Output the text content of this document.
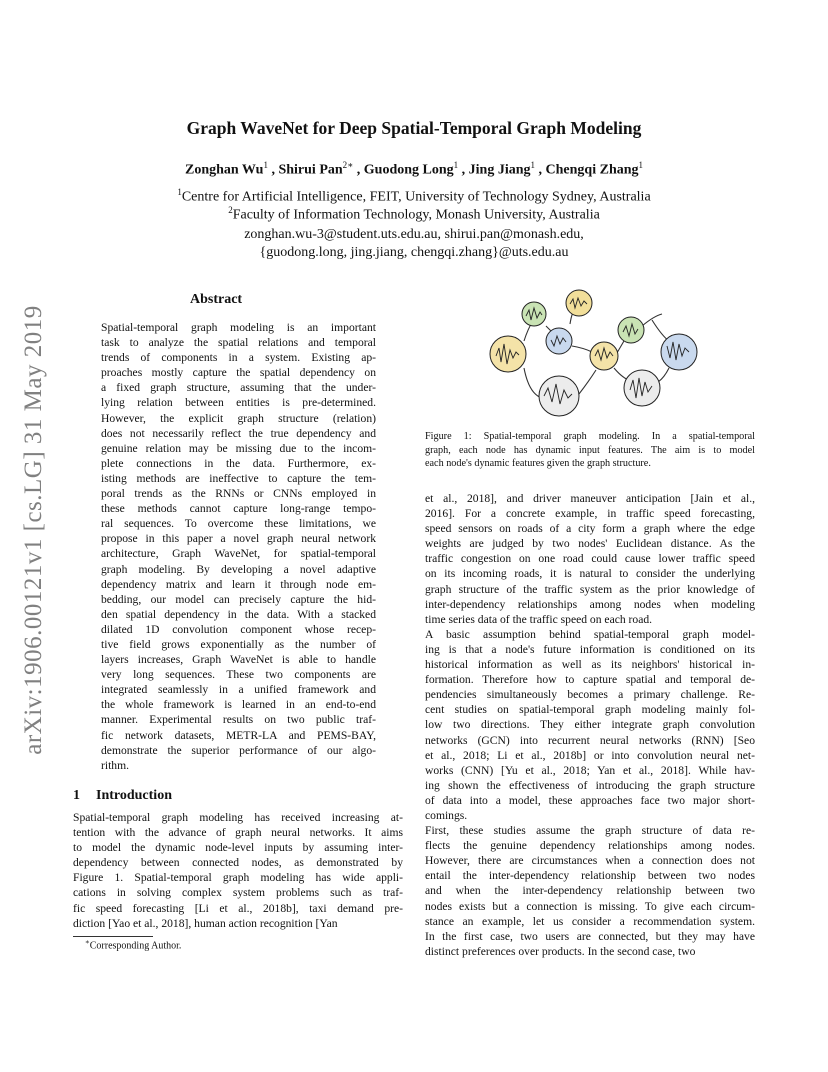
Graph WaveNet for Deep Spatial-Temporal Graph Modeling
Zonghan Wu$^1$ , Shirui Pan$^{2∗}$ , Guodong Long$^1$ , Jing Jiang$^1$ , Chengqi Zhang$^1$
$^1$Centre for Artificial Intelligence, FEIT, University of Technology Sydney, Australia
$^2$Faculty of Information Technology, Monash University, Australia
zonghan.wu-3@student.uts.edu.au, shirui.pan@monash.edu,
{guodong.long, jing.jiang, chengqi.zhang}@uts.edu.au
arXiv:1906.00121v1 [cs.LG] 31 May 2019
Abstract
Spatial-temporal graph modeling is an important
task to analyze the spatial relations and temporal
trends of components in a system. Existing ap-
proaches mostly capture the spatial dependency on
a fixed graph structure, assuming that the under-
lying relation between entities is pre-determined.
However, the explicit graph structure (relation)
does not necessarily reflect the true dependency and
genuine relation may be missing due to the incom-
plete connections in the data. Furthermore, ex-
isting methods are ineffective to capture the tem-
poral trends as the RNNs or CNNs employed in
these methods cannot capture long-range tempo-
ral sequences. To overcome these limitations, we
propose in this paper a novel graph neural network
architecture, Graph WaveNet, for spatial-temporal
graph modeling. By developing a novel adaptive
dependency matrix and learn it through node em-
bedding, our model can precisely capture the hid-
den spatial dependency in the data. With a stacked
dilated 1D convolution component whose recep-
tive field grows exponentially as the number of
layers increases, Graph WaveNet is able to handle
very long sequences. These two components are
integrated seamlessly in a unified framework and
the whole framework is learned in an end-to-end
manner. Experimental results on two public traf-
fic network datasets, METR-LA and PEMS-BAY,
demonstrate the superior performance of our algo-
rithm.
1 Introduction
Spatial-temporal graph modeling has received increasing at-
tention with the advance of graph neural networks. It aims
to model the dynamic node-level inputs by assuming inter-
dependency between connected nodes, as demonstrated by
Figure 1. Spatial-temporal graph modeling has wide appli-
cations in solving complex system problems such as traf-
fic speed forecasting [Li et al., 2018b], taxi demand pre-
diction [Yao et al., 2018], human action recognition [Yan
∗Corresponding Author.
Figure 1: Spatial-temporal graph modeling. In a spatial-temporal
graph, each node has dynamic input features. The aim is to model
each node's dynamic features given the graph structure.
et al., 2018], and driver maneuver anticipation [Jain et al.,
2016]. For a concrete example, in traffic speed forecasting,
speed sensors on roads of a city form a graph where the edge
weights are judged by two nodes' Euclidean distance. As the
traffic congestion on one road could cause lower traffic speed
on its incoming roads, it is natural to consider the underlying
graph structure of the traffic system as the prior knowledge of
inter-dependency relationships among nodes when modeling
time series data of the traffic speed on each road.
A basic assumption behind spatial-temporal graph model-
ing is that a node's future information is conditioned on its
historical information as well as its neighbors' historical in-
formation. Therefore how to capture spatial and temporal de-
pendencies simultaneously becomes a primary challenge. Re-
cent studies on spatial-temporal graph modeling mainly fol-
low two directions. They either integrate graph convolution
networks (GCN) into recurrent neural networks (RNN) [Seo
et al., 2018; Li et al., 2018b] or into convolution neural net-
works (CNN) [Yu et al., 2018; Yan et al., 2018]. While hav-
ing shown the effectiveness of introducing the graph structure
of data into a model, these approaches face two major short-
comings.
First, these studies assume the graph structure of data re-
flects the genuine dependency relationships among nodes.
However, there are circumstances when a connection does not
entail the inter-dependency relationship between two nodes
and when the inter-dependency relationship between two
nodes exists but a connection is missing. To give each circum-
stance an example, let us consider a recommendation system.
In the first case, two users are connected, but they may have
distinct preferences over products. In the second case, two
